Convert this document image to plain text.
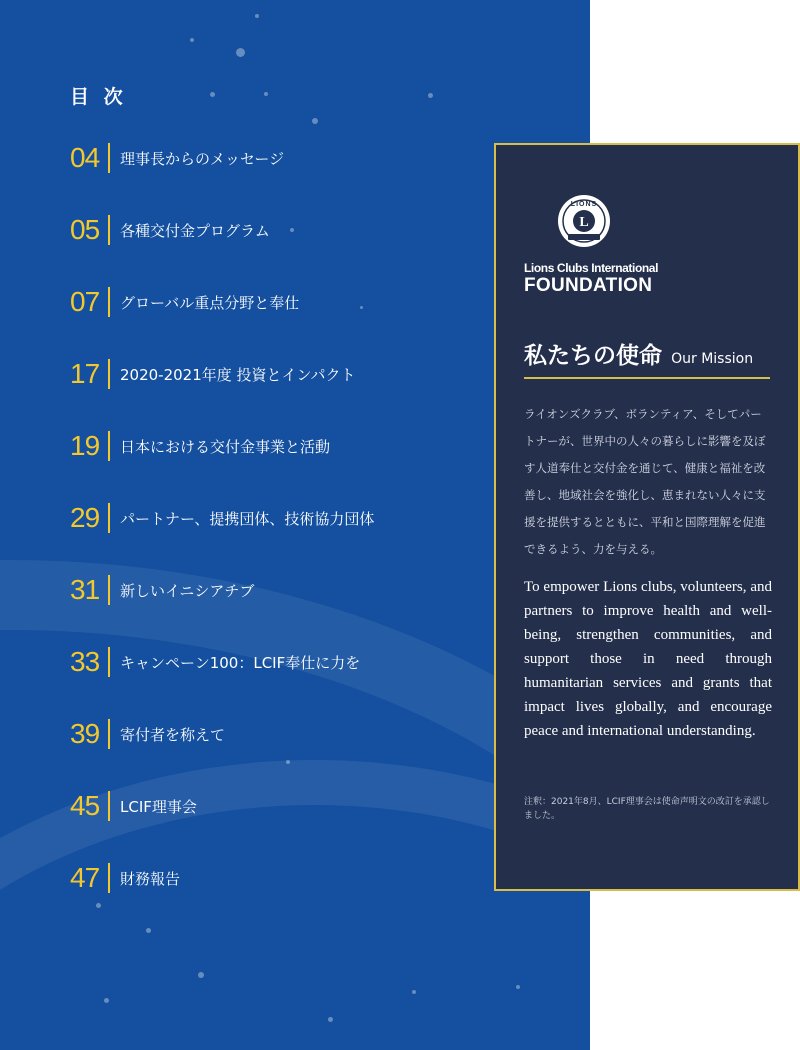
目 次
04 理事長からのメッセージ
05 各種交付金プログラム
07 グローバル重点分野と奉仕
17 2020-2021年度 投資とインパクト
19 日本における交付金事業と活動
29 パートナー、提携団体、技術協力団体
31 新しいイニシアチブ
33 キャンペーン100：LCIF奉仕に力を
39 寄付者を称えて
45 LCIF理事会
47 財務報告
L
LIONS
Lions Clubs International
FOUNDATION
私たちの使命 Our Mission
ライオンズクラブ、ボランティア、そしてパートナーが、世界中の人々の暮らしに影響を及ぼす人道奉仕と交付金を通じて、健康と福祉を改善し、地域社会を強化し、恵まれない人々に支援を提供するとともに、平和と国際理解を促進できるよう、力を与える。
To empower Lions clubs, volunteers, and partners to improve health and well-being, strengthen communities, and support those in need through humanitarian services and grants that impact lives globally, and encourage peace and international understanding.
注釈：2021年8月、LCIF理事会は使命声明文の改訂を承認しました。
